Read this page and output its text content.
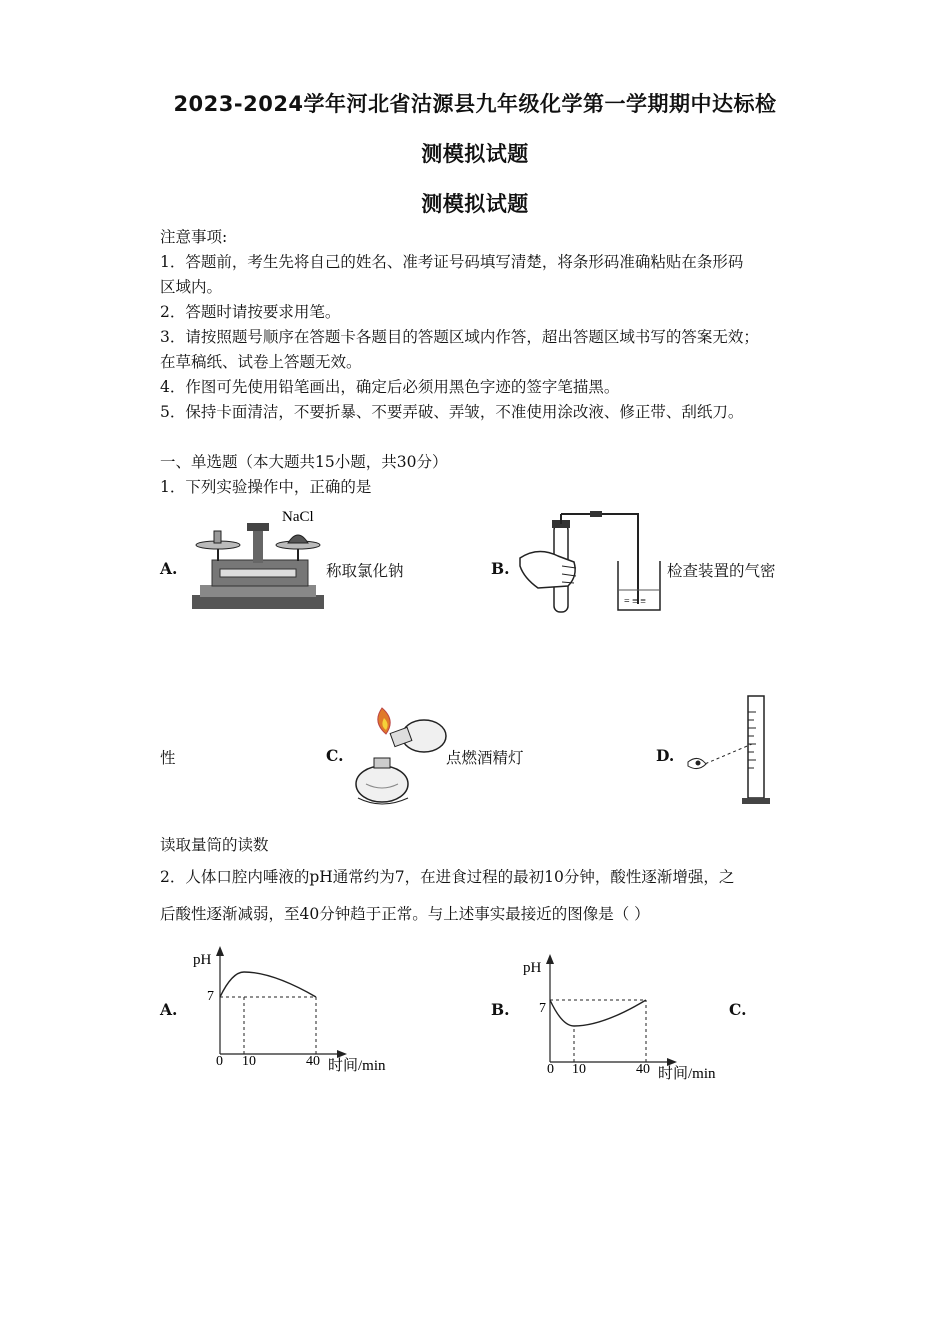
2023-2024学年河北省沽源县九年级化学第一学期期中达标检
测模拟试题
测模拟试题
注意事项:
1．答题前，考生先将自己的姓名、准考证号码填写清楚，将条形码准确粘贴在条形码
区域内。
2．答题时请按要求用笔。
3．请按照题号顺序在答题卡各题目的答题区域内作答，超出答题区域书写的答案无效；
在草稿纸、试卷上答题无效。
4．作图可先使用铅笔画出，确定后必须用黑色字迹的签字笔描黑。
5．保持卡面清洁，不要折暴、不要弄破、弄皱，不准使用涂改液、修正带、刮纸刀。
一、单选题（本大题共15小题，共30分）
1．下列实验操作中，正确的是
A.
NaCl
称取氯化钠	B.
= ≡ ≡
检查装置的气密
性	C.	点燃酒精灯	D.
读取量筒的读数
2．人体口腔内唾液的pH通常约为7，在进食过程的最初10分钟，酸性逐渐增强，之
后酸性逐渐减弱，至40分钟趋于正常。与上述事实最接近的图像是（ ）
A.	B.	C.
pH
7
0 10	40 时间/min
pH
7
0 10	40 时间/min
